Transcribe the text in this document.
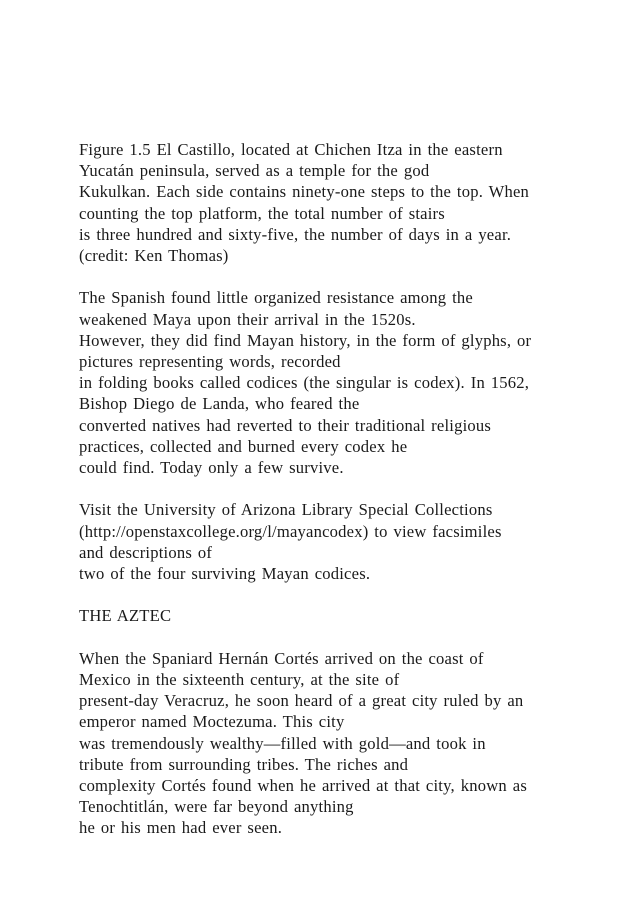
Figure 1.5 El Castillo, located at Chichen Itza in the eastern
Yucatán peninsula, served as a temple for the god
Kukulkan. Each side contains ninety-one steps to the top. When
counting the top platform, the total number of stairs
is three hundred and sixty-five, the number of days in a year.
(credit: Ken Thomas)

The Spanish found little organized resistance among the
weakened Maya upon their arrival in the 1520s.
However, they did find Mayan history, in the form of glyphs, or
pictures representing words, recorded
in folding books called codices (the singular is codex). In 1562,
Bishop Diego de Landa, who feared the
converted natives had reverted to their traditional religious
practices, collected and burned every codex he
could find. Today only a few survive.

Visit the University of Arizona Library Special Collections
(http://openstaxcollege.org/l/mayancodex) to view facsimiles
and descriptions of
two of the four surviving Mayan codices.

THE AZTEC

When the Spaniard Hernán Cortés arrived on the coast of
Mexico in the sixteenth century, at the site of
present-day Veracruz, he soon heard of a great city ruled by an
emperor named Moctezuma. This city
was tremendously wealthy—filled with gold—and took in
tribute from surrounding tribes. The riches and
complexity Cortés found when he arrived at that city, known as
Tenochtitlán, were far beyond anything
he or his men had ever seen.
